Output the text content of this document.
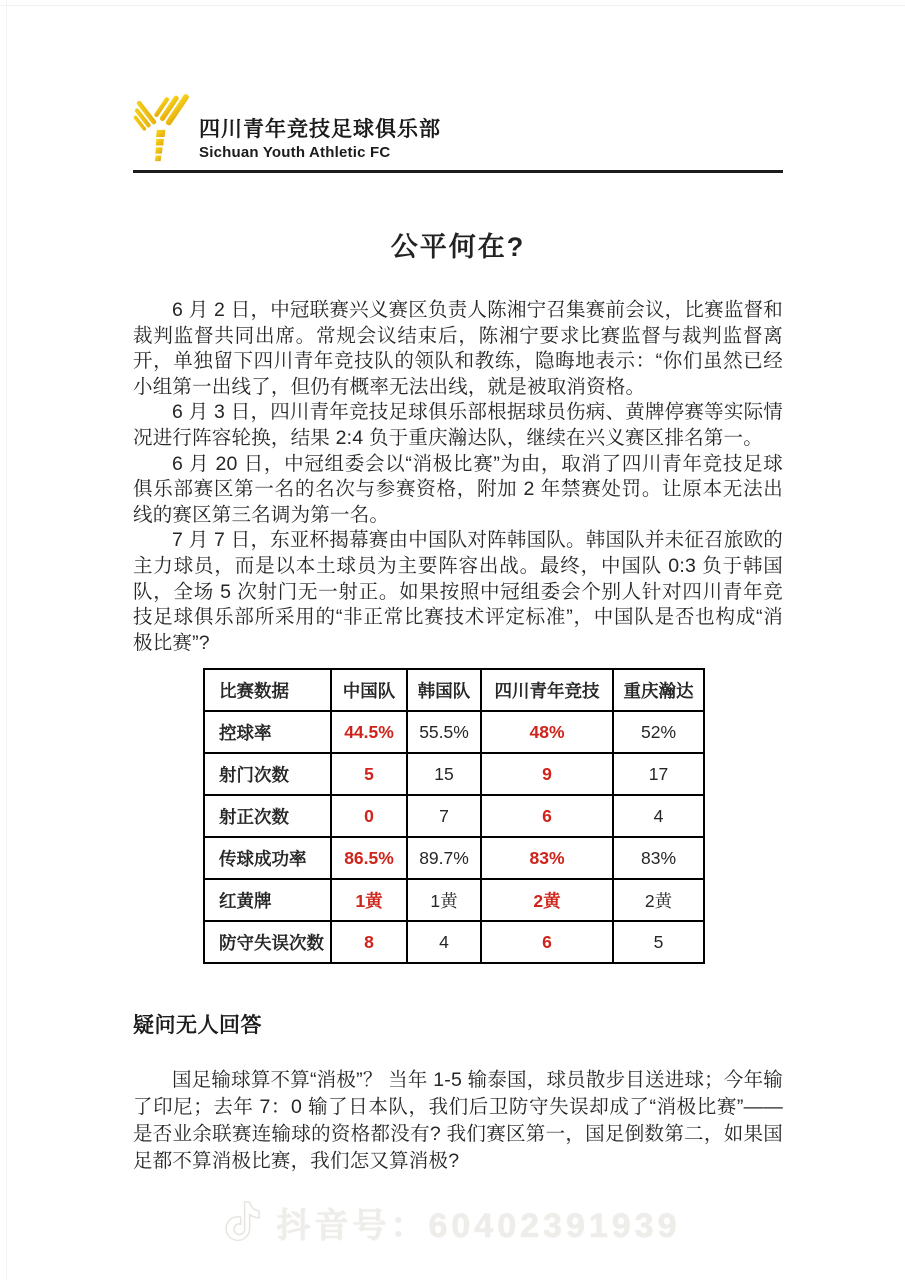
四川青年竞技足球俱乐部
Sichuan Youth Athletic FC
公平何在?

6 月 2 日，中冠联赛兴义赛区负责人陈湘宁召集赛前会议，比赛监督和裁判监督共同出席。常规会议结束后，陈湘宁要求比赛监督与裁判监督离开，单独留下四川青年竞技队的领队和教练，隐晦地表示：“你们虽然已经小组第一出线了，但仍有概率无法出线，就是被取消资格。

6 月 3 日，四川青年竞技足球俱乐部根据球员伤病、黄牌停赛等实际情况进行阵容轮换，结果 2:4 负于重庆瀚达队，继续在兴义赛区排名第一。

6 月 20 日，中冠组委会以“消极比赛”为由，取消了四川青年竞技足球俱乐部赛区第一名的名次与参赛资格，附加 2 年禁赛处罚。让原本无法出线的赛区第三名调为第一名。

7 月 7 日，东亚杯揭幕赛由中国队对阵韩国队。韩国队并未征召旅欧的主力球员，而是以本土球员为主要阵容出战。最终，中国队 0:3 负于韩国队，全场 5 次射门无一射正。如果按照中冠组委会个别人针对四川青年竞技足球俱乐部所采用的“非正常比赛技术评定标准”，中国队是否也构成“消极比赛”?

比赛数据	中国队	韩国队	四川青年竞技	重庆瀚达
控球率	44.5%	55.5%	48%	52%
射门次数	5	15	9	17
射正次数	0	7	6	4
传球成功率	86.5%	89.7%	83%	83%
红黄牌	1黄	1黄	2黄	2黄
防守失误次数	8	4	6	5
疑问无人回答

国足输球算不算“消极”？ 当年 1-5 输泰国，球员散步目送进球；今年输了印尼；去年 7：0 输了日本队，我们后卫防守失误却成了“消极比赛”——是否业余联赛连输球的资格都没有? 我们赛区第一，国足倒数第二，如果国足都不算消极比赛，我们怎又算消极?

抖音号：60402391939
